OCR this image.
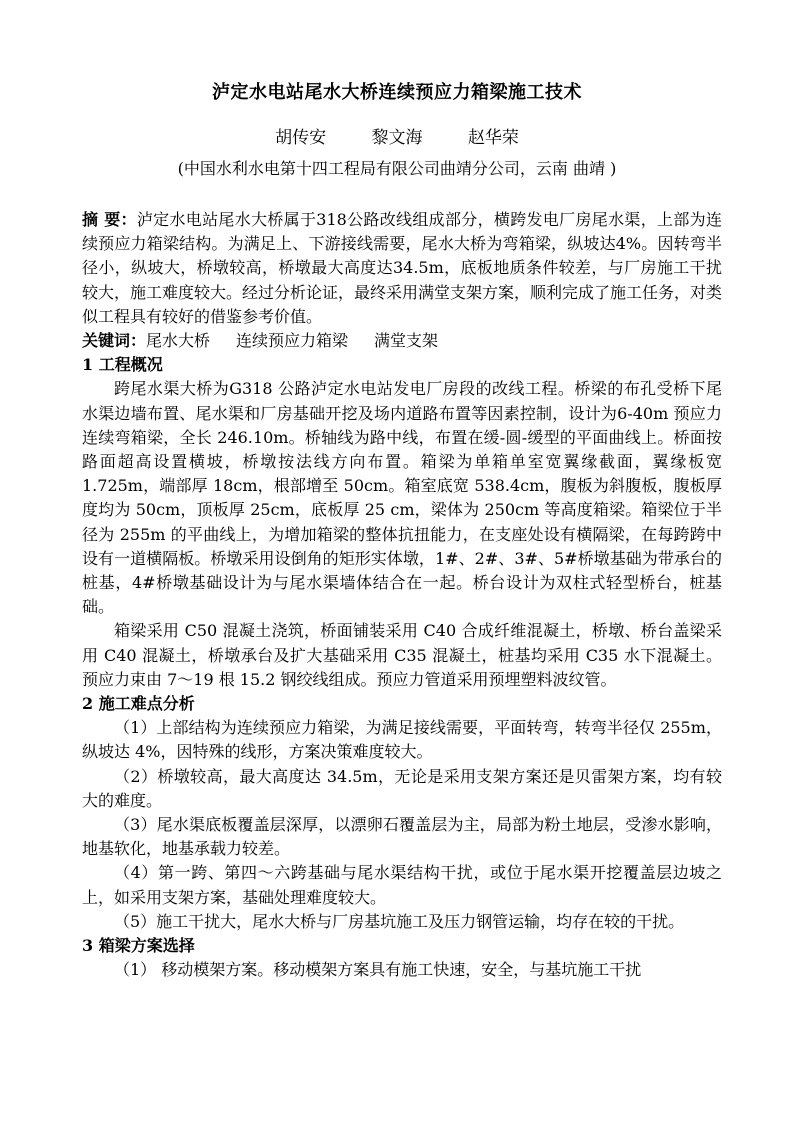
泸定水电站尾水大桥连续预应力箱梁施工技术
胡传安	黎文海	赵华荣
(中国水利水电第十四工程局有限公司曲靖分公司，云南 曲靖 )

摘 要：泸定水电站尾水大桥属于318公路改线组成部分，横跨发电厂房尾水渠，上部为连续预应力箱梁结构。为满足上、下游接线需要，尾水大桥为弯箱梁，纵坡达4%。因转弯半径小，纵坡大，桥墩较高，桥墩最大高度达34.5m，底板地质条件较差，与厂房施工干扰较大，施工难度较大。经过分析论证，最终采用满堂支架方案，顺利完成了施工任务，对类似工程具有较好的借鉴参考价值。

关键词：尾水大桥 连续预应力箱梁 满堂支架

1 工程概况

跨尾水渠大桥为G318 公路泸定水电站发电厂房段的改线工程。桥梁的布孔受桥下尾水渠边墙布置、尾水渠和厂房基础开挖及场内道路布置等因素控制，设计为6-40m 预应力连续弯箱梁，全长 246.10m。桥轴线为路中线，布置在缓-圆-缓型的平面曲线上。桥面按路面超高设置横坡，桥墩按法线方向布置。箱梁为单箱单室宽翼缘截面，翼缘板宽 1.725m，端部厚 18cm，根部增至 50cm。箱室底宽 538.4cm，腹板为斜腹板，腹板厚度均为 50cm，顶板厚 25cm，底板厚 25 cm，梁体为 250cm 等高度箱梁。箱梁位于半径为 255m 的平曲线上，为增加箱梁的整体抗扭能力，在支座处设有横隔梁，在每跨跨中设有一道横隔板。桥墩采用设倒角的矩形实体墩，1#、2#、3#、5#桥墩基础为带承台的桩基，4#桥墩基础设计为与尾水渠墙体结合在一起。桥台设计为双柱式轻型桥台，桩基础。

箱梁采用 C50 混凝土浇筑，桥面铺装采用 C40 合成纤维混凝土，桥墩、桥台盖梁采用 C40 混凝土，桥墩承台及扩大基础采用 C35 混凝土，桩基均采用 C35 水下混凝土。预应力束由 7～19 根 15.2 钢绞线组成。预应力管道采用预埋塑料波纹管。

2 施工难点分析

（1）上部结构为连续预应力箱梁，为满足接线需要，平面转弯，转弯半径仅 255m，纵坡达 4%，因特殊的线形，方案决策难度较大。

（2）桥墩较高，最大高度达 34.5m，无论是采用支架方案还是贝雷架方案，均有较大的难度。

（3）尾水渠底板覆盖层深厚，以漂卵石覆盖层为主，局部为粉土地层，受渗水影响，地基软化，地基承载力较差。

（4）第一跨、第四～六跨基础与尾水渠结构干扰，或位于尾水渠开挖覆盖层边坡之上，如采用支架方案，基础处理难度较大。

（5）施工干扰大，尾水大桥与厂房基坑施工及压力钢管运输，均存在较的干扰。

3 箱梁方案选择

（1） 移动模架方案。移动模架方案具有施工快速，安全，与基坑施工干扰
